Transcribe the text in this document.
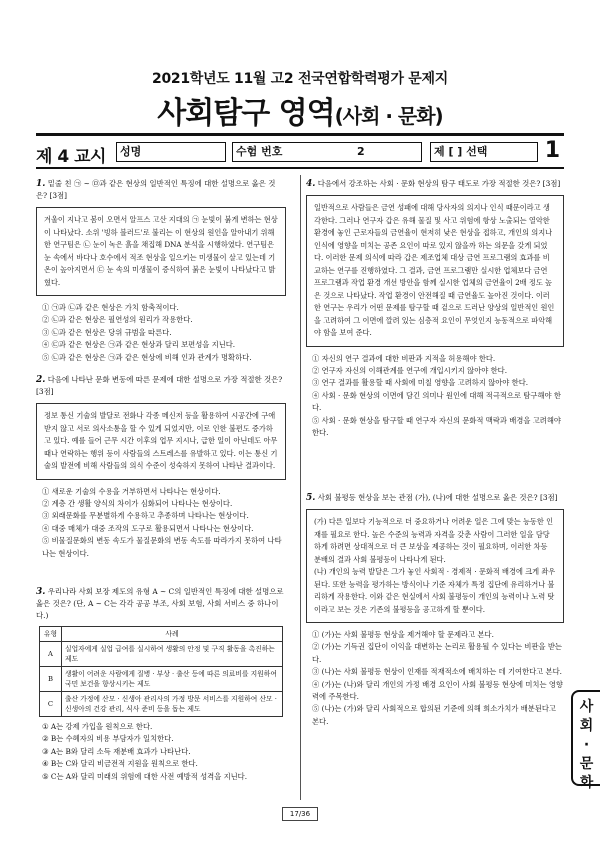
2021학년도 11월 고2 전국연합학력평가 문제지
사회탐구 영역(사회 · 문화)
제 4 교시	성명	수험 번호	2	제 [ ] 선택	1
1. 밑줄 친 ㉠ ~ ㉤과 같은 현상의 일반적인 특징에 대한 설명으로 옳은 것은? [3점]
겨울이 지나고 봄이 오면서 알프스 고산 지대의 ㉠ 눈빛이 붉게 변하는 현상이 나타났다. 소위 '빙하 블러드'로 불리는 이 현상의 원인을 알아내기 위해 한 연구팀은 ㉡ 눈이 녹은 흙을 채집해 DNA 분석을 시행하였다. 연구팀은 눈 속에서 바다나 호수에서 적조 현상을 일으키는 미생물이 살고 있는데 기온이 높아지면서 ㉢ 눈 속의 미생물이 증식하여 붉은 눈빛이 나타났다고 밝혔다.
① ㉠과 ㉡과 같은 현상은 가치 함축적이다.
② ㉡과 같은 현상은 필연성의 원리가 작용한다.
③ ㉡과 같은 현상은 당위 규범을 따른다.
④ ㉢과 같은 현상은 ㉠과 같은 현상과 달리 보편성을 지닌다.
⑤ ㉡과 같은 현상은 ㉠과 같은 현상에 비해 인과 관계가 명확하다.
2. 다음에 나타난 문화 변동에 따른 문제에 대한 설명으로 가장 적절한 것은? [3점]
정보 통신 기술의 발달로 전화나 각종 메신저 등을 활용하여 시공간에 구애받지 않고 서로 의사소통을 할 수 있게 되었지만, 이로 인한 불편도 증가하고 있다. 예를 들어 근무 시간 이후의 업무 지시나, 급한 일이 아닌데도 아무 때나 연락하는 행위 등이 사람들의 스트레스를 유발하고 있다. 이는 통신 기술의 발전에 비해 사람들의 의식 수준이 성숙하지 못하여 나타난 결과이다.
① 새로운 기술의 수용을 거부하면서 나타나는 현상이다.
② 계층 간 생활 양식의 차이가 심화되어 나타나는 현상이다.
③ 외래문화를 무분별하게 수용하고 추종하며 나타나는 현상이다.
④ 대중 매체가 대중 조작의 도구로 활용되면서 나타나는 현상이다.
⑤ 비물질문화의 변동 속도가 물질문화의 변동 속도를 따라가지 못하여 나타나는 현상이다.
3. 우리나라 사회 보장 제도의 유형 A ~ C의 일반적인 특징에 대한 설명으로 옳은 것은? (단, A ~ C는 각각 공공 부조, 사회 보험, 사회 서비스 중 하나이다.)
유형	사례
A	실업자에게 실업 급여를 실시하여 생활의 안정 및 구직 활동을 촉진하는 제도
B	생활이 어려운 사람에게 질병 · 부상 · 출산 등에 따른 의료비를 지원하여 국민 보건을 향상시키는 제도
C	출산 가정에 산모 · 신생아 관리사의 가정 방문 서비스를 지원하여 산모 · 신생아의 건강 관리, 식사 준비 등을 돕는 제도
① A는 강제 가입을 원칙으로 한다.
② B는 수혜자의 비용 부담자가 일치한다.
③ A는 B와 달리 소득 재분배 효과가 나타난다.
④ B는 C와 달리 비금전적 지원을 원칙으로 한다.
⑤ C는 A와 달리 미래의 위험에 대한 사전 예방적 성격을 지닌다.
4. 다음에서 강조하는 사회 · 문화 현상의 탐구 태도로 가장 적절한 것은? [3점]
일반적으로 사람들은 금연 성패에 대해 당사자의 의지나 인식 때문이라고 생각한다. 그러나 연구자 갑은 유해 물질 및 사고 위험에 항상 노출되는 열악한 환경에 놓인 근로자들의 금연율이 현저히 낮은 현상을 접하고, 개인의 의지나 인식에 영향을 미치는 공존 요인이 따로 있지 않을까 하는 의문을 갖게 되었다. 이러한 문제 의식에 따라 갑은 제조업체 대상 금연 프로그램의 효과를 비교하는 연구를 진행하였다. 그 결과, 금연 프로그램만 실시한 업체보다 금연 프로그램과 작업 환경 개선 방안을 함께 실시한 업체의 금연율이 2배 정도 높은 것으로 나타났다. 작업 환경이 안전해질 때 금연율도 높아진 것이다. 이러한 연구는 우리가 어떤 문제를 탐구할 때 겉으로 드러난 양상의 일반적인 원인을 고려하여 그 이면에 깔려 있는 심층적 요인이 무엇인지 능동적으로 파악해야 함을 보여 준다.
① 자신의 연구 결과에 대한 비판과 지적을 허용해야 한다.
② 연구자 자신의 이해관계를 연구에 개입시키지 않아야 한다.
③ 연구 결과를 활용할 때 사회에 미칠 영향을 고려하지 않아야 한다.
④ 사회 · 문화 현상의 이면에 담긴 의미나 원인에 대해 적극적으로 탐구해야 한다.
⑤ 사회 · 문화 현상을 탐구할 때 연구자 자신의 문화적 맥락과 배경을 고려해야 한다.
5. 사회 불평등 현상을 보는 관점 (가), (나)에 대한 설명으로 옳은 것은? [3점]
(가) 다른 일보다 기능적으로 더 중요하거나 어려운 일은 그에 맞는 능동한 인재를 필요로 한다. 높은 수준의 능력과 자격을 갖춘 사람이 그러한 일을 담당하게 하려면 상대적으로 더 큰 보상을 제공하는 것이 필요하며, 이러한 차등 분배의 결과 사회 불평등이 나타나게 된다.
(나) 개인의 능력 발달은 그가 놓인 사회적 · 경제적 · 문화적 배경에 크게 좌우된다. 또한 능력을 평가하는 방식이나 기준 자체가 특정 집단에 유리하거나 불리하게 작용한다. 이와 같은 현실에서 사회 불평등이 개인의 능력이나 노력 탓이라고 보는 것은 기존의 불평등을 공고하게 할 뿐이다.
① (가)는 사회 불평등 현상을 제거해야 할 문제라고 본다.
② (가)는 기득권 집단이 이익을 대변하는 논리로 활용될 수 있다는 비판을 받는다.
③ (나)는 사회 불평등 현상이 인재를 적재적소에 배치하는 데 기여한다고 본다.
④ (가)는 (나)와 달리 개인의 가정 배경 요인이 사회 불평등 현상에 미치는 영향력에 주목한다.
⑤ (나)는 (가)와 달리 사회적으로 합의된 기준에 의해 희소가치가 배분된다고 본다.
17/36
사회
·
문화
